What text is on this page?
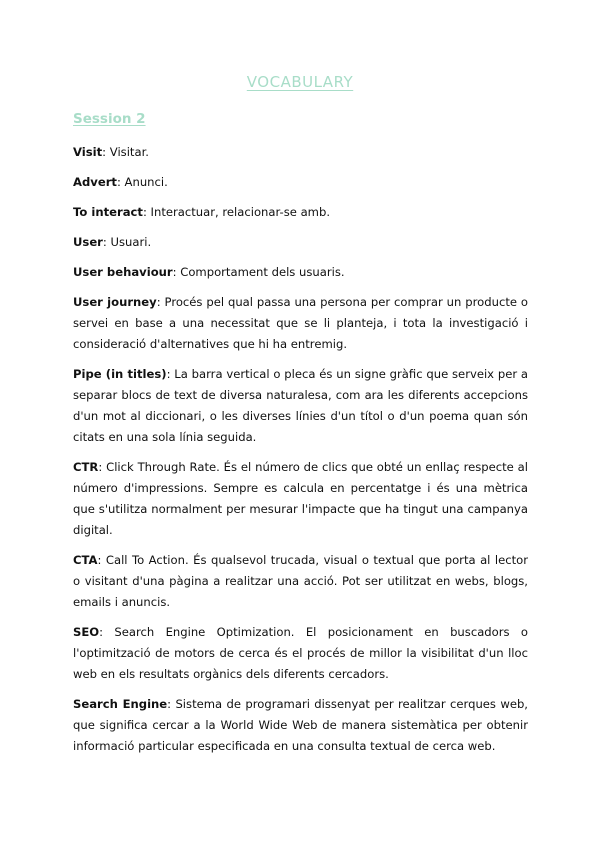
VOCABULARY
Session 2

Visit: Visitar.

Advert: Anunci.

To interact: Interactuar, relacionar-se amb.

User: Usuari.

User behaviour: Comportament dels usuaris.

User journey: Procés pel qual passa una persona per comprar un producte o servei en base a una necessitat que se li planteja, i tota la investigació i consideració d'alternatives que hi ha entremig.

Pipe (in titles): La barra vertical o pleca és un signe gràfic que serveix per a separar blocs de text de diversa naturalesa, com ara les diferents accepcions d'un mot al diccionari, o les diverses línies d'un títol o d'un poema quan són citats en una sola línia seguida.

CTR: Click Through Rate. És el número de clics que obté un enllaç respecte al número d'impressions. Sempre es calcula en percentatge i és una mètrica que s'utilitza normalment per mesurar l'impacte que ha tingut una campanya digital.

CTA: Call To Action. És qualsevol trucada, visual o textual que porta al lector o visitant d'una pàgina a realitzar una acció. Pot ser utilitzat en webs, blogs, emails i anuncis.

SEO: Search Engine Optimization. El posicionament en buscadors o l'optimització de motors de cerca és el procés de millor la visibilitat d'un lloc web en els resultats orgànics dels diferents cercadors.

Search Engine: Sistema de programari dissenyat per realitzar cerques web, que significa cercar a la World Wide Web de manera sistemàtica per obtenir informació particular especificada en una consulta textual de cerca web.
